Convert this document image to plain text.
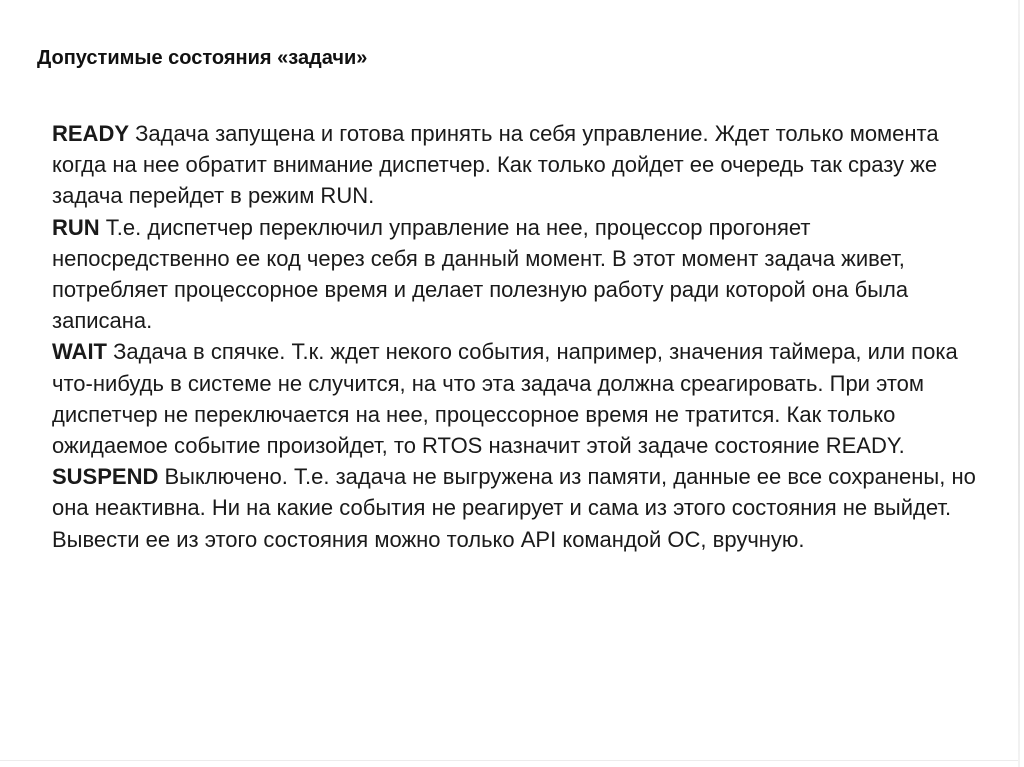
Допустимые состояния «задачи»

READY Задача запущена и готова принять на себя управление. Ждет только момента когда на нее обратит внимание диспетчер. Как только дойдет ее очередь так сразу же задача перейдет в режим RUN.

RUN Т.е. диспетчер переключил управление на нее, процессор прогоняет непосредственно ее код через себя в данный момент. В этот момент задача живет, потребляет процессорное время и делает полезную работу ради которой она была записана.

WAIT Задача в спячке. Т.к. ждет некого события, например, значения таймера, или пока что-нибудь в системе не случится, на что эта задача должна среагировать. При этом диспетчер не переключается на нее, процессорное время не тратится. Как только ожидаемое событие произойдет, то RTOS назначит этой задаче состояние READY.

SUSPEND Выключено. Т.е. задача не выгружена из памяти, данные ее все сохранены, но она неактивна. Ни на какие события не реагирует и сама из этого состояния не выйдет. Вывести ее из этого состояния можно только API командой ОС, вручную.
